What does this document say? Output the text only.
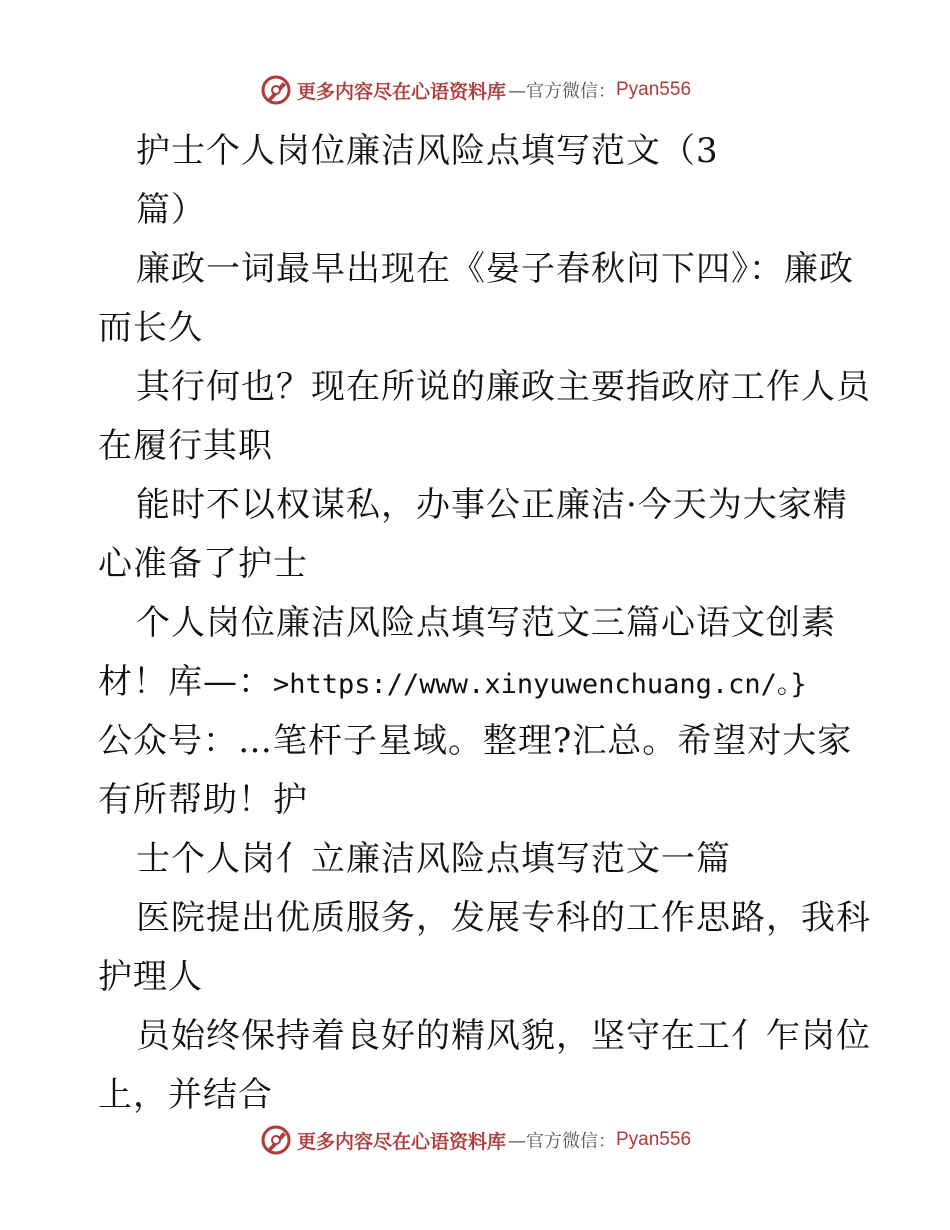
更多内容尽在心语资料库 —官方微信： Pyan556
护士个人岗位廉洁风险点填写范文（3
篇）
廉政一词最早出现在《晏子春秋问下四》：廉政
而长久
其行何也？现在所说的廉政主要指政府工作人员
在履行其职
能时不以权谋私，办事公正廉洁·今天为大家精
心准备了护士
个人岗位廉洁风险点填写范文三篇心语文创素
材！库—：>https://www.xinyuwenchuang.cn/。}
公众号：…笔杆子星域。整理?汇总。希望对大家
有所帮助！护
士个人岗亻立廉洁风险点填写范文一篇
医院提出优质服务，发展专科的工作思路，我科
护理人
员始终保持着良好的精风貌，坚守在工亻乍岗位
上，并结合
更多内容尽在心语资料库 —官方微信： Pyan556
